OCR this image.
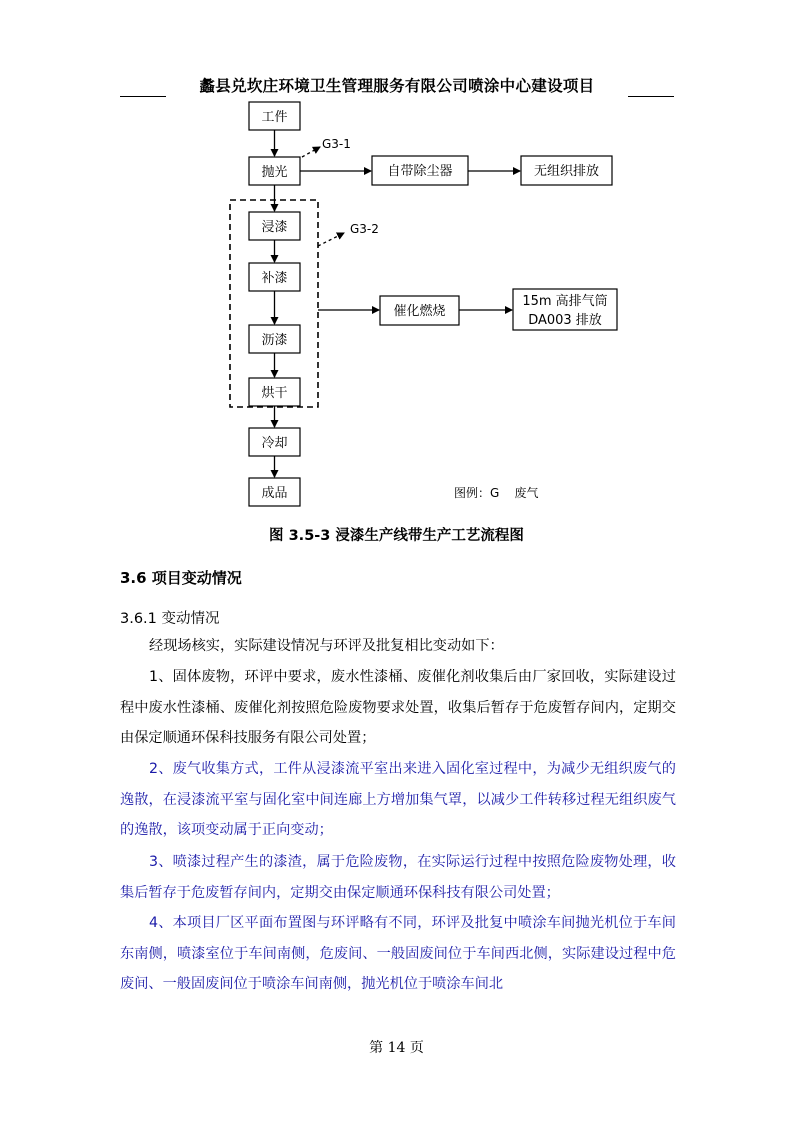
蠡县兑坎庄环境卫生管理服务有限公司喷涂中心建设项目
工件
抛光	自带除尘器	无组织排放
浸漆
补漆
沥漆
烘干
催化燃烧
15m 高排气筒
DA003 排放
冷却
成品
G3-1
G3-2
图例：G    废气
图 3.5-3 浸漆生产线带生产工艺流程图
3.6 项目变动情况
3.6.1 变动情况
经现场核实，实际建设情况与环评及批复相比变动如下：
1、固体废物，环评中要求，废水性漆桶、废催化剂收集后由厂家回收，实际建设过程中废水性漆桶、废催化剂按照危险废物要求处置，收集后暂存于危废暂存间内，定期交由保定顺通环保科技服务有限公司处置；
2、废气收集方式，工件从浸漆流平室出来进入固化室过程中，为减少无组织废气的逸散，在浸漆流平室与固化室中间连廊上方增加集气罩，以减少工件转移过程无组织废气的逸散，该项变动属于正向变动；
3、喷漆过程产生的漆渣，属于危险废物，在实际运行过程中按照危险废物处理，收集后暂存于危废暂存间内，定期交由保定顺通环保科技有限公司处置；
4、本项目厂区平面布置图与环评略有不同，环评及批复中喷涂车间抛光机位于车间东南侧，喷漆室位于车间南侧，危废间、一般固废间位于车间西北侧，实际建设过程中危废间、一般固废间位于喷涂车间南侧，抛光机位于喷涂车间北
第 14 页
